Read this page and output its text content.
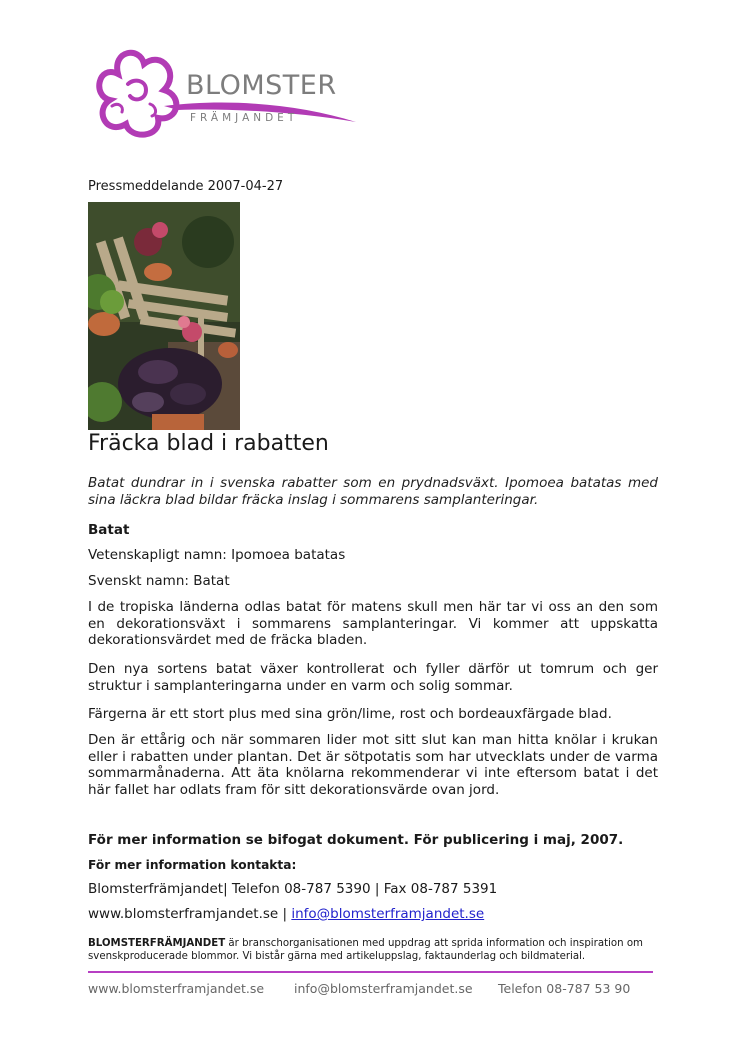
BLOMSTER
FRÄMJANDET
Pressmeddelande 2007-04-27
Fräcka blad i rabatten
Batat dundrar in i svenska rabatter som en prydnadsväxt. Ipomoea batatas med sina läckra blad bildar fräcka inslag i sommarens samplanteringar.
Batat
Vetenskapligt namn: Ipomoea batatas
Svenskt namn: Batat
I de tropiska länderna odlas batat för matens skull men här tar vi oss an den som en dekorationsväxt i sommarens samplanteringar. Vi kommer att uppskatta dekorationsvärdet med de fräcka bladen.
Den nya sortens batat växer kontrollerat och fyller därför ut tomrum och ger struktur i samplanteringarna under en varm och solig sommar.
Färgerna är ett stort plus med sina grön/lime, rost och bordeauxfärgade blad.
Den är ettårig och när sommaren lider mot sitt slut kan man hitta knölar i krukan eller i rabatten under plantan. Det är sötpotatis som har utvecklats under de varma sommarmånaderna. Att äta knölarna rekommenderar vi inte eftersom batat i det här fallet har odlats fram för sitt dekorationsvärde ovan jord.
För mer information se bifogat dokument. För publicering i maj, 2007.
För mer information kontakta:
Blomsterfrämjandet| Telefon 08-787 5390 | Fax 08-787 5391
www.blomsterframjandet.se | info@blomsterframjandet.se
BLOMSTERFRÄMJANDET är branschorganisationen med uppdrag att sprida information och inspiration om svenskproducerade blommor. Vi bistår gärna med artikeluppslag, faktaunderlag och bildmaterial.
www.blomsterframjandet.se info@blomsterframjandet.se Telefon 08-787 53 90
